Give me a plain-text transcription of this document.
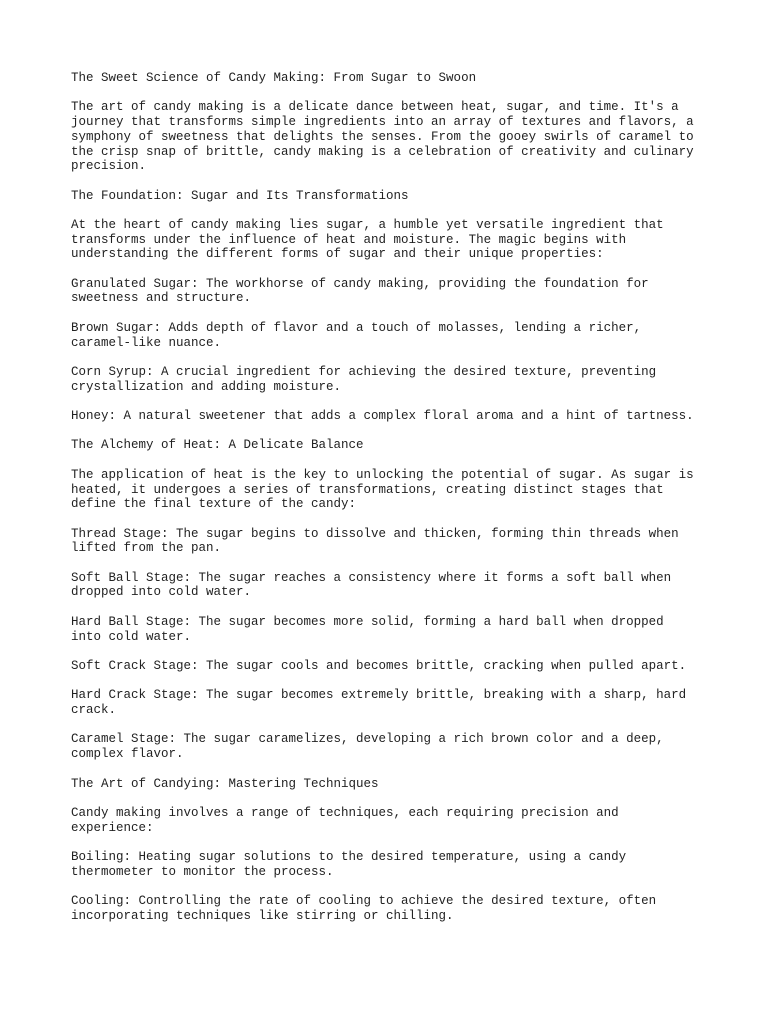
The Sweet Science of Candy Making: From Sugar to Swoon

The art of candy making is a delicate dance between heat, sugar, and time. It's a
journey that transforms simple ingredients into an array of textures and flavors, a
symphony of sweetness that delights the senses. From the gooey swirls of caramel to
the crisp snap of brittle, candy making is a celebration of creativity and culinary
precision.

The Foundation: Sugar and Its Transformations

At the heart of candy making lies sugar, a humble yet versatile ingredient that
transforms under the influence of heat and moisture. The magic begins with
understanding the different forms of sugar and their unique properties:

Granulated Sugar: The workhorse of candy making, providing the foundation for
sweetness and structure.

Brown Sugar: Adds depth of flavor and a touch of molasses, lending a richer,
caramel-like nuance.

Corn Syrup: A crucial ingredient for achieving the desired texture, preventing
crystallization and adding moisture.

Honey: A natural sweetener that adds a complex floral aroma and a hint of tartness.

The Alchemy of Heat: A Delicate Balance

The application of heat is the key to unlocking the potential of sugar. As sugar is
heated, it undergoes a series of transformations, creating distinct stages that
define the final texture of the candy:

Thread Stage: The sugar begins to dissolve and thicken, forming thin threads when
lifted from the pan.

Soft Ball Stage: The sugar reaches a consistency where it forms a soft ball when
dropped into cold water.

Hard Ball Stage: The sugar becomes more solid, forming a hard ball when dropped
into cold water.

Soft Crack Stage: The sugar cools and becomes brittle, cracking when pulled apart.

Hard Crack Stage: The sugar becomes extremely brittle, breaking with a sharp, hard
crack.

Caramel Stage: The sugar caramelizes, developing a rich brown color and a deep,
complex flavor.

The Art of Candying: Mastering Techniques

Candy making involves a range of techniques, each requiring precision and
experience:

Boiling: Heating sugar solutions to the desired temperature, using a candy
thermometer to monitor the process.

Cooling: Controlling the rate of cooling to achieve the desired texture, often
incorporating techniques like stirring or chilling.
